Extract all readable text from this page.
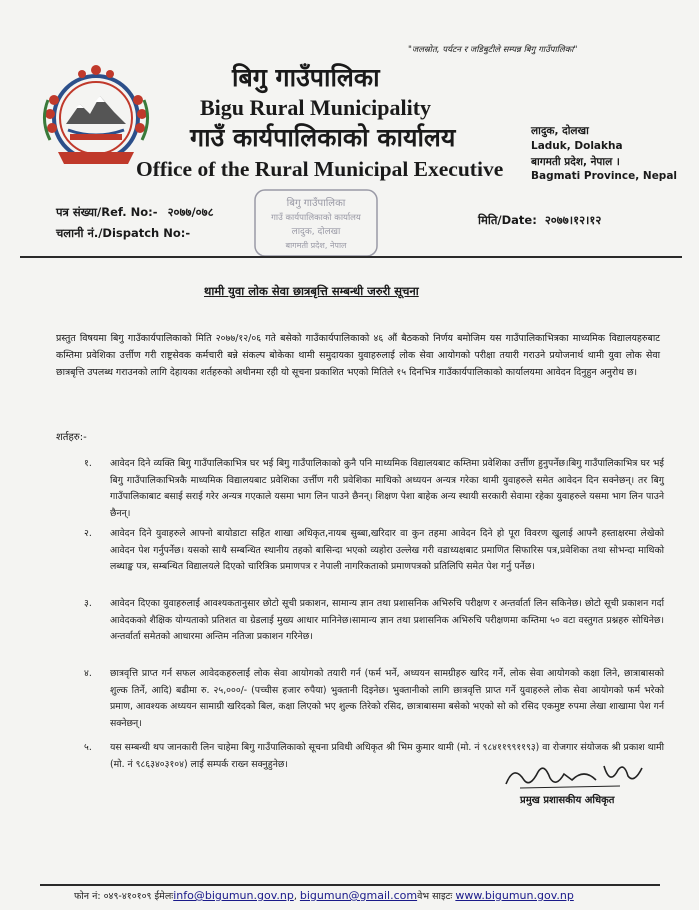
"जलस्रोत, पर्यटन र जडिबुटीले सम्पन्न बिगु गाउँपालिका"
बिगु गाउँपालिका
Bigu Rural Municipality
गाउँ कार्यपालिकाको कार्यालय
Office of the Rural Municipal Executive
लादुक, दोलखा
Laduk, Dolakha
बागमती प्रदेश, नेपाल ।
Bagmati Province, Nepal
पत्र संख्या/Ref. No:- २०७७/०७८
चलानी नं./Dispatch No:-
बिगु गाउँपालिका
गाउँ कार्यपालिकाको कार्यालय
लादुक, दोलखा
बागमती प्रदेश, नेपाल
मिति/Date: २०७७।१२।१२
थामी युवा लोक सेवा छात्रबृत्ति सम्बन्धी जरुरी सूचना
प्रस्तुत विषयमा बिगु गाउँकार्यपालिकाको मिति २०७७/१२/०६ गते बसेको गाउँकार्यपालिकाको ४६ औं बैठकको निर्णय बमोजिम यस गाउँपालिकाभित्रका माध्यमिक विद्यालयहरुबाट कम्तिमा प्रवेशिका उर्त्तीण गरी राष्ट्रसेवक कर्मचारी बन्ने संकल्प बोकेका थामी समुदायका युवाहरुलाई लोक सेवा आयोगको परीक्षा तयारी गराउने प्रयोजनार्थ थामी युवा लोक सेवा छात्रबृत्ति उपलब्ध गराउनको लागि देहायका शर्तहरुको अधीनमा रही यो सूचना प्रकाशित भएको मितिले १५ दिनभित्र गाउँकार्यपालिकाको कार्यालयमा आवेदन दिनुहुन अनुरोध छ।
शर्तहरु:-
१.	आवेदन दिने व्यक्ति बिगु गाउँपालिकाभित्र घर भई बिगु गाउँपालिकाको कुनै पनि माध्यमिक विद्यालयबाट कम्तिमा प्रवेशिका उर्त्तीण हुनुपर्नेछ।बिगु गाउँपालिकाभित्र घर भई बिगु गाउँपालिकाभित्रकै माध्यमिक विद्यालयबाट प्रवेशिका उर्त्तीण गरी प्रवेशिका माथिको अध्ययन अन्यत्र गरेका थामी युवाहरुले समेत आवेदन दिन सक्नेछन्। तर बिगु गाउँपालिकाबाट बसाई सराई गरेर अन्यत्र गएकाले यसमा भाग लिन पाउने छैनन्। शिक्षण पेशा बाहेक अन्य स्थायी सरकारी सेवामा रहेका युवाहरुले यसमा भाग लिन पाउने छैनन्।
२.	आवेदन दिने युवाहरुले आफ्नो बायोडाटा सहित शाखा अधिकृत,नायब सुब्बा,खरिदार वा कुन तहमा आवेदन दिने हो पूरा विवरण खुलाई आफ्नै हस्ताक्षरमा लेखेको आवेदन पेश गर्नुपर्नेछ। यसको साथै सम्बन्धित स्थानीय तहको बासिन्दा भएको व्यहोरा उल्लेख गरी वडाध्यक्षबाट प्रमाणित सिफारिस पत्र,प्रवेशिका तथा सोभन्दा माथिको लब्धाङ्क पत्र, सम्बन्धित विद्यालयले दिएको चारित्रिक प्रमाणपत्र र नेपाली नागरिकताको प्रमाणपत्रको प्रतिलिपि समेत पेश गर्नु पर्नेछ।
३.	आवेदन दिएका युवाहरुलाई आवश्यकतानुसार छोटो सूची प्रकाशन, सामान्य ज्ञान तथा प्रशासनिक अभिरुचि परीक्षण र अन्तर्वार्ता लिन सकिनेछ। छोटो सूची प्रकाशन गर्दा आवेदकको शैक्षिक योग्यताको प्रतिशत वा ग्रेडलाई मुख्य आधार मानिनेछ।सामान्य ज्ञान तथा प्रशासनिक अभिरुचि परीक्षणमा कम्तिमा ५० वटा वस्तुगत प्रश्नहरु सोधिनेछ।अन्तर्वार्ता समेतको आधारमा अन्तिम नतिजा प्रकाशन गरिनेछ।
४.	छात्रवृत्ति प्राप्त गर्न सफल आवेदकहरुलाई लोक सेवा आयोगको तयारी गर्न (फर्म भर्ने, अध्ययन सामग्रीहरु खरिद गर्ने, लोक सेवा आयोगको कक्षा लिने, छात्राबासको शुल्क तिर्ने, आदि) बढीमा रु. २५,०००/- (पच्चीस हजार रुपैया) भुक्तानी दिइनेछ। भुक्तानीको लागि छात्रवृत्ति प्राप्त गर्ने युवाहरुले लोक सेवा आयोगको फर्म भरेको प्रमाण, आवश्यक अध्ययन सामाग्री खरिदको बिल, कक्षा लिएको भए शुल्क तिरेको रसिद, छात्राबासमा बसेको भएको सो को रसिद एकमुष्ट रुपमा लेखा शाखामा पेश गर्न सक्नेछन्।
५.	यस सम्बन्धी थप जानकारी लिन चाहेमा बिगु गाउँपालिकाको सूचना प्रविधी अधिकृत श्री भिम कुमार थामी (मो. नं ९८४११९९११९३) वा रोजगार संयोजक श्री प्रकाश थामी (मो. नं ९८६३४०३१०४) लाई सम्पर्क राख्न सक्नुहुनेछ।
प्रमुख प्रशासकीय अधिकृत
फोन नं: ०४९-४१०१०९ ईमेलःinfo@bigumun.gov.np, bigumun@gmail.comवेभ साइटः www.bigumun.gov.np
